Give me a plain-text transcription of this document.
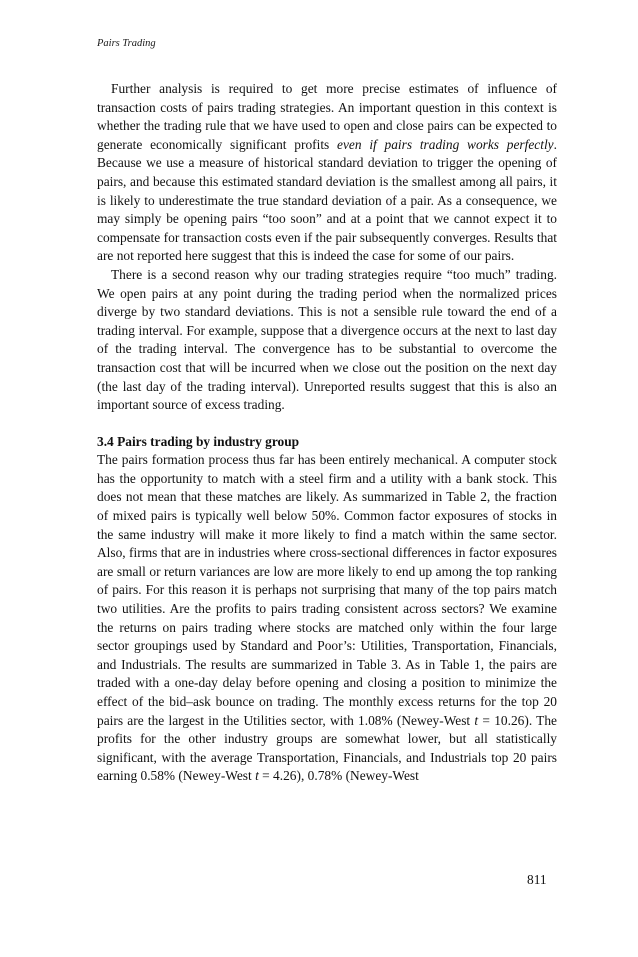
Pairs Trading

Further analysis is required to get more precise estimates of influence of transaction costs of pairs trading strategies. An important question in this context is whether the trading rule that we have used to open and close pairs can be expected to generate economically significant profits even if pairs trading works perfectly. Because we use a measure of historical standard deviation to trigger the opening of pairs, and because this estimated standard deviation is the smallest among all pairs, it is likely to underestimate the true standard deviation of a pair. As a consequence, we may simply be opening pairs “too soon” and at a point that we cannot expect it to compensate for transaction costs even if the pair subsequently converges. Results that are not reported here suggest that this is indeed the case for some of our pairs.

There is a second reason why our trading strategies require “too much” trading. We open pairs at any point during the trading period when the normalized prices diverge by two standard deviations. This is not a sensible rule toward the end of a trading interval. For example, suppose that a divergence occurs at the next to last day of the trading interval. The convergence has to be substantial to overcome the transaction cost that will be incurred when we close out the position on the next day (the last day of the trading interval). Unreported results suggest that this is also an important source of excess trading.

3.4 Pairs trading by industry group

The pairs formation process thus far has been entirely mechanical. A computer stock has the opportunity to match with a steel firm and a utility with a bank stock. This does not mean that these matches are likely. As summarized in Table 2, the fraction of mixed pairs is typically well below 50%. Common factor exposures of stocks in the same industry will make it more likely to find a match within the same sector. Also, firms that are in industries where cross-sectional differences in factor exposures are small or return variances are low are more likely to end up among the top ranking of pairs. For this reason it is perhaps not surprising that many of the top pairs match two utilities. Are the profits to pairs trading consistent across sectors? We examine the returns on pairs trading where stocks are matched only within the four large sector groupings used by Standard and Poor’s: Utilities, Transportation, Financials, and Industrials. The results are summarized in Table 3. As in Table 1, the pairs are traded with a one-day delay before opening and closing a position to minimize the effect of the bid–ask bounce on trading. The monthly excess returns for the top 20 pairs are the largest in the Utilities sector, with 1.08% (Newey-West t = 10.26). The profits for the other industry groups are somewhat lower, but all statistically significant, with the average Transportation, Financials, and Industrials top 20 pairs earning 0.58% (Newey-West t = 4.26), 0.78% (Newey-West

811
